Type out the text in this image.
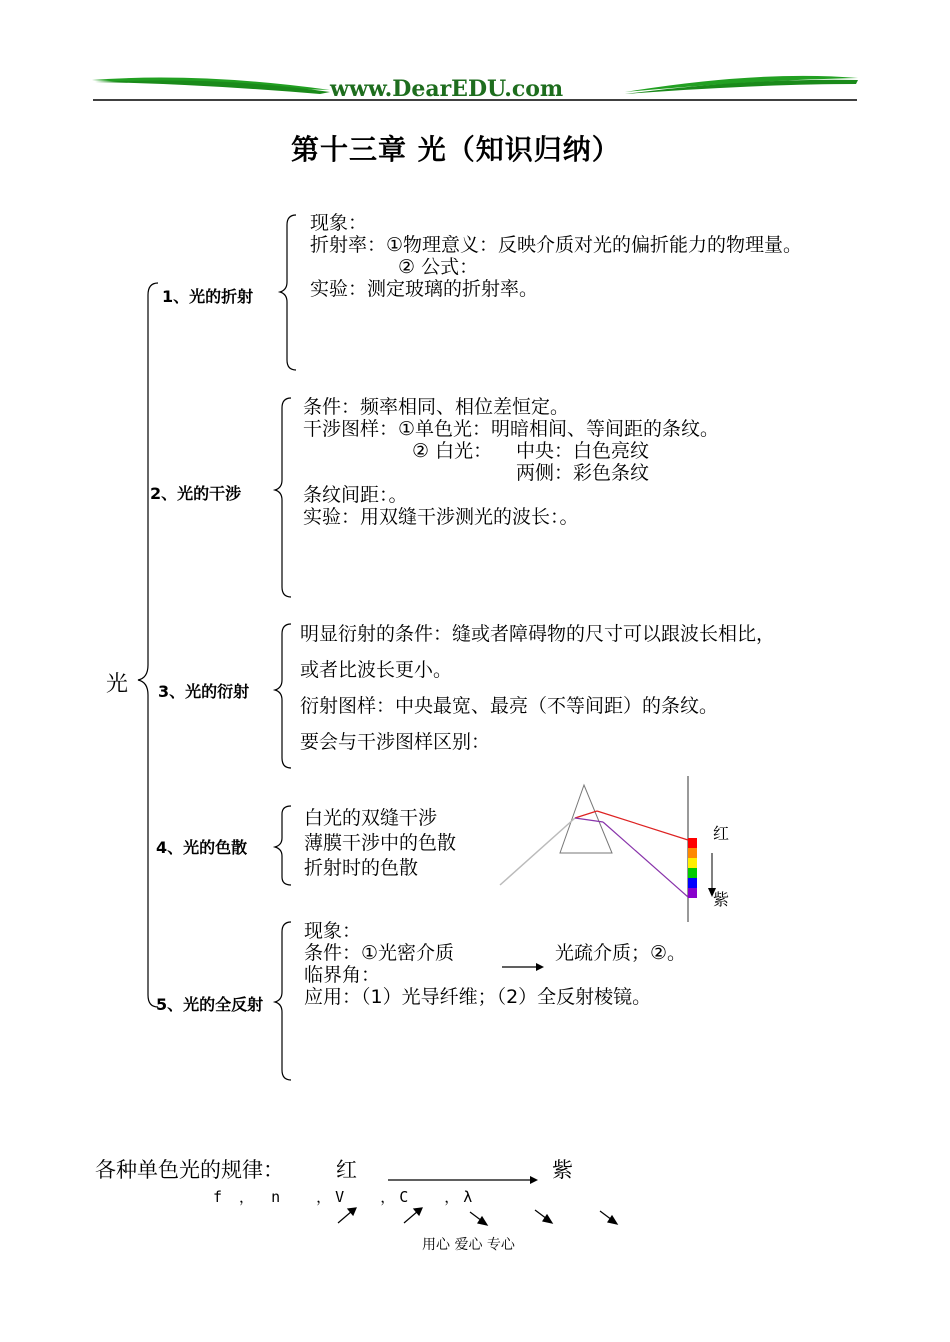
www.DearEDU.com
第十三章 光（知识归纳）
光
1、光的折射
2、光的干涉
3、光的衍射
4、光的色散
5、光的全反射
现象：
折射率：①物理意义：反映介质对光的偏折能力的物理量。
② 公式：
实验：测定玻璃的折射率。
条件：频率相同、相位差恒定。
干涉图样：①单色光：明暗相间、等间距的条纹。
② 白光： 中央：白色亮纹
两侧：彩色条纹
条纹间距：。
实验：用双缝干涉测光的波长：。
明显衍射的条件：缝或者障碍物的尺寸可以跟波长相比，
或者比波长更小。
衍射图样：中央最宽、最亮（不等间距）的条纹。
要会与干涉图样区别：
白光的双缝干涉
薄膜干涉中的色散
折射时的色散
红
紫
现象：
条件：①光密介质	光疏介质；②。
临界角：
应用：（1）光导纤维；（2）全反射棱镜。
各种单色光的规律： 红	紫
f ， n　 ，V　 ，C　 ，λ
用心 爱心 专心
